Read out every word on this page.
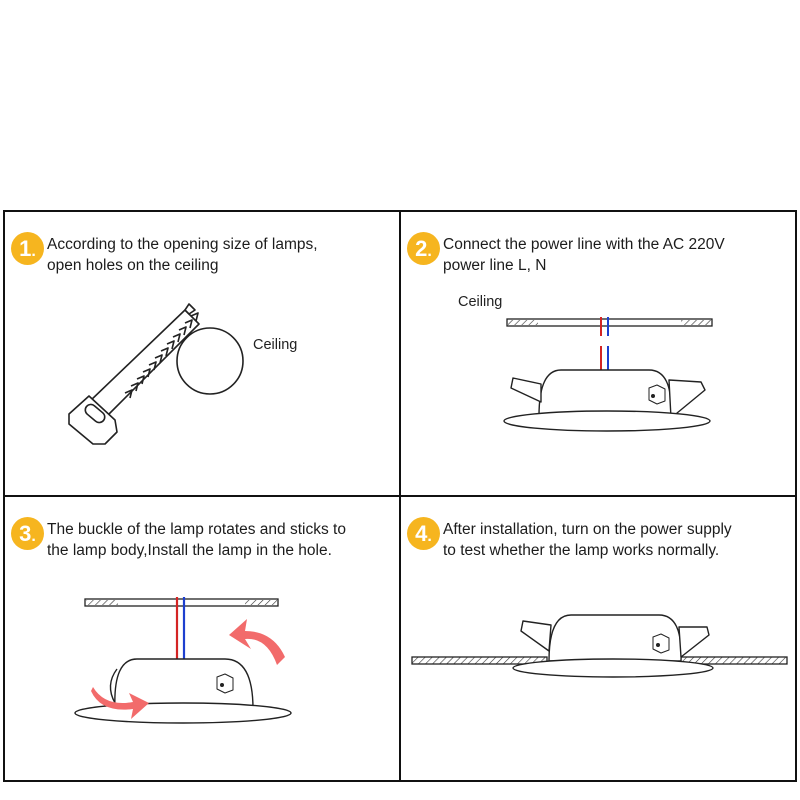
1. According to the opening size of lamps,
open holes on the ceiling
Ceiling
2. Connect the power line with the AC 220V
power line L, N
Ceiling
3. The buckle of the lamp rotates and sticks to
the lamp body,Install the lamp in the hole.
4. After installation, turn on the power supply
to test whether the lamp works normally.
